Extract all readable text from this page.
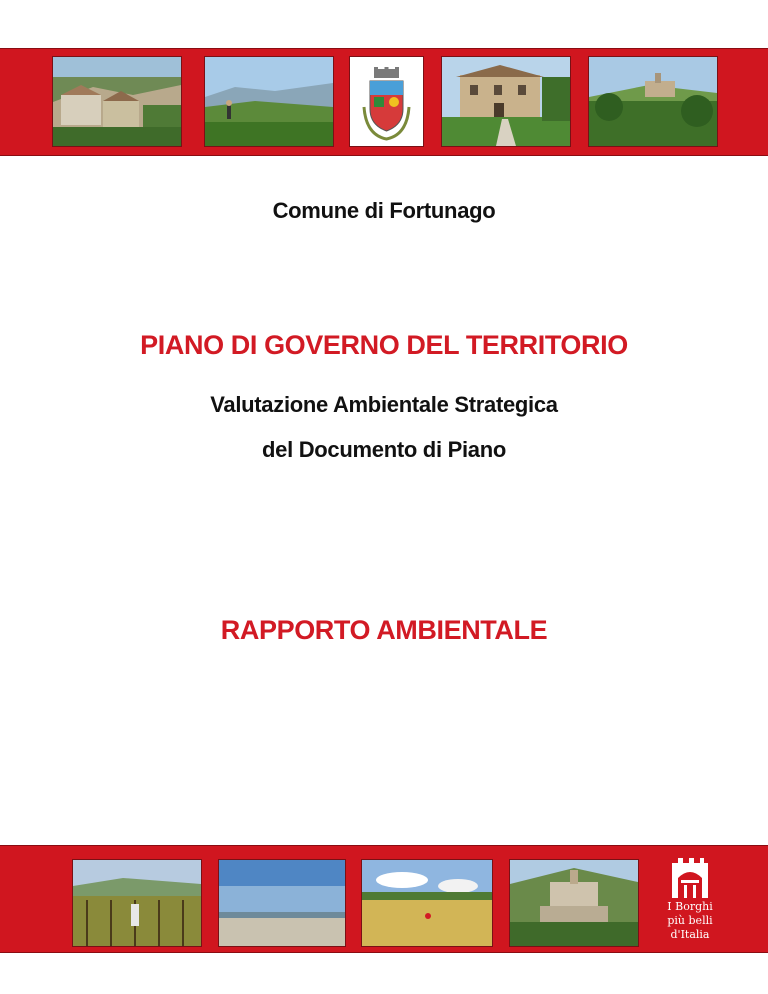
Comune di Fortunago
PIANO DI GOVERNO DEL TERRITORIO
Valutazione Ambientale Strategica
del Documento di Piano
RAPPORTO AMBIENTALE
I Borghi
più belli
d'Italia
